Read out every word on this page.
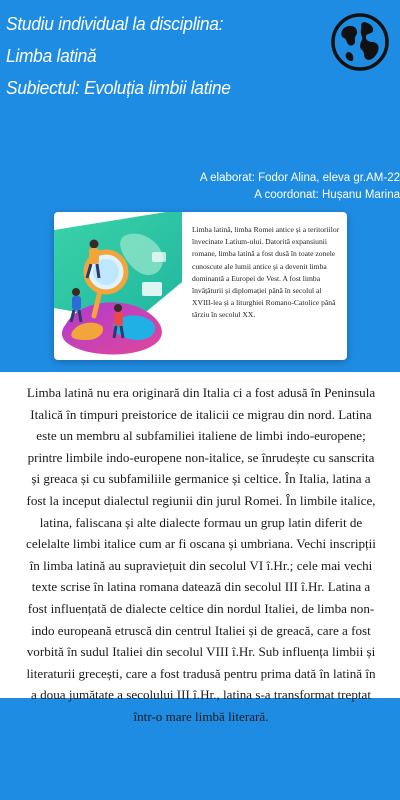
Studiu individual la disciplina:
Limba latină
Subiectul: Evoluția limbii latine
A elaborat: Fodor Alina, eleva gr.AM-22
A coordonat: Hușanu Marina
Limba latină, limba Romei antice și a teritoriilor învecinate Latium-ului. Datorită expansiunii romane, limba latină a fost dusă în toate zonele cunoscute ale lumii antice și a devenit limba dominantă a Europei de Vest. A fost limba învățăturii și diplomației până în secolul al XVIII-lea și a liturghiei Romano-Catolice până târziu în secolul XX.
Limba latină nu era originară din Italia ci a fost adusă în Peninsula Italică în timpuri preistorice de italicii ce migrau din nord. Latina este un membru al subfamiliei italiene de limbi indo-europene; printre limbile indo-europene non-italice, se înrudește cu sanscrita și greaca și cu subfamiliile germanice și celtice. În Italia, latina a fost la inceput dialectul regiunii din jurul Romei. În limbile italice, latina, faliscana și alte dialecte formau un grup latin diferit de celelalte limbi italice cum ar fi oscana și umbriana. Vechi inscripții în limba latină au supraviețuit din secolul VI î.Hr.; cele mai vechi texte scrise în latina romana datează din secolul III î.Hr. Latina a fost influențată de dialecte celtice din nordul Italiei, de limba non-indo europeană etruscă din centrul Italiei și de greacă, care a fost vorbită în sudul Italiei din secolul VIII î.Hr. Sub influența limbii și literaturii grecești, care a fost tradusă pentru prima dată în latină în a doua jumătate a secolului III î.Hr., latina s-a transformat treptat într-o mare limbă literară.
